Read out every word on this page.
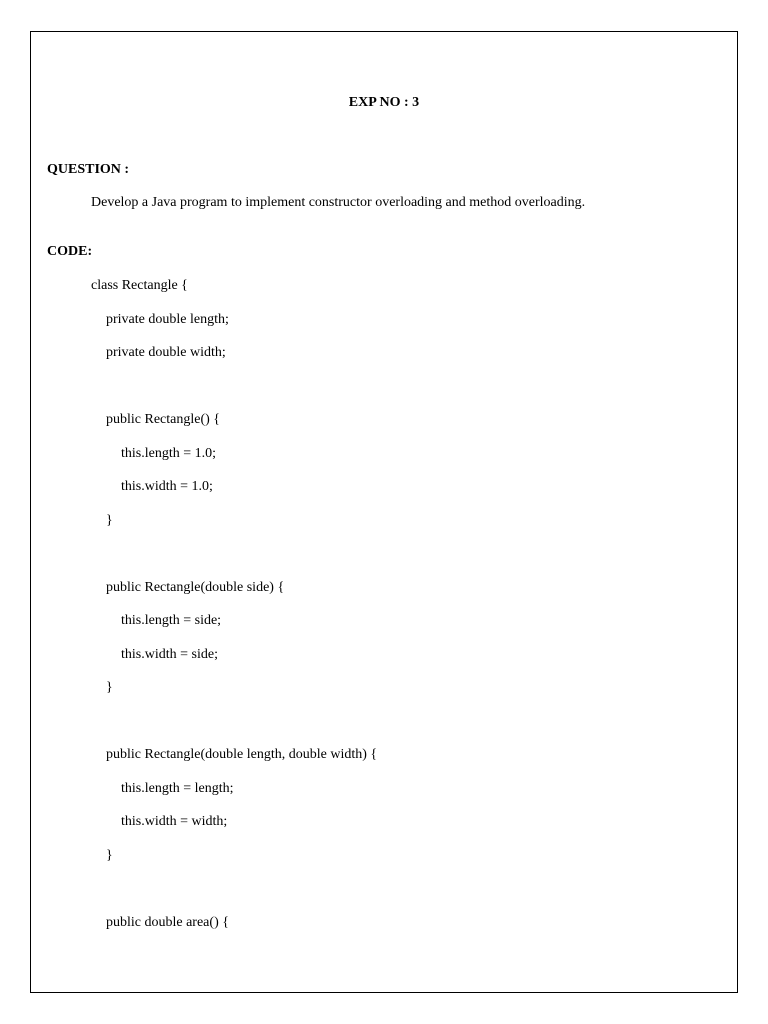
EXP NO : 3
QUESTION :
Develop a Java program to implement constructor overloading and method overloading.
CODE:
class Rectangle {
private double length;
private double width;
public Rectangle() {
this.length = 1.0;
this.width = 1.0;
}
public Rectangle(double side) {
this.length = side;
this.width = side;
}
public Rectangle(double length, double width) {
this.length = length;
this.width = width;
}
public double area() {
